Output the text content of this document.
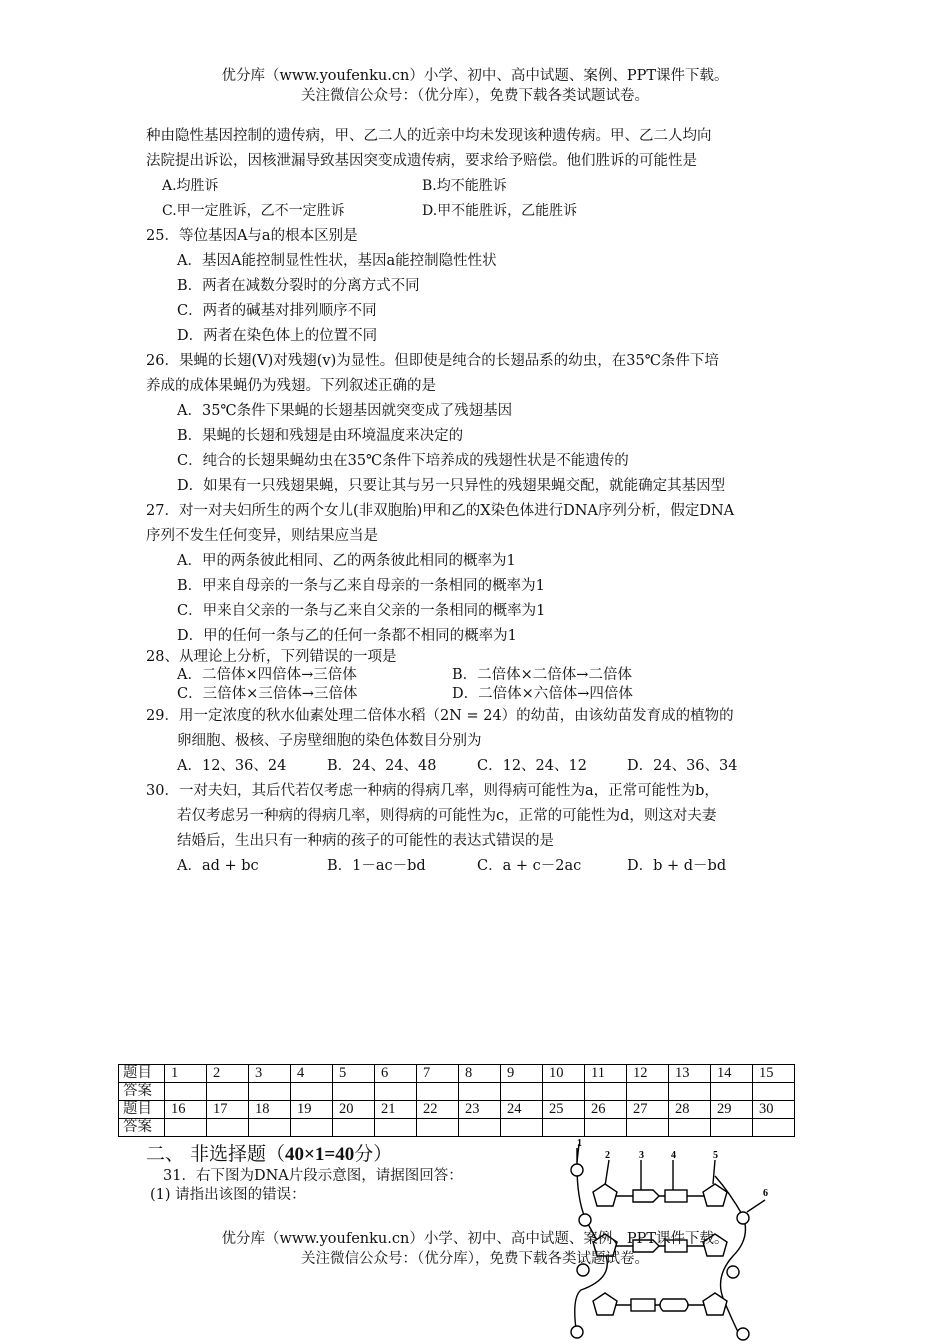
优分库（www.youfenku.cn）小学、初中、高中试题、案例、PPT课件下载。
关注微信公众号：（优分库），免费下载各类试题试卷。
种由隐性基因控制的遗传病，甲、乙二人的近亲中均未发现该种遗传病。甲、乙二人均向
法院提出诉讼，因核泄漏导致基因突变成遗传病，要求给予赔偿。他们胜诉的可能性是
A.均胜诉	B.均不能胜诉
C.甲一定胜诉，乙不一定胜诉	D.甲不能胜诉，乙能胜诉
25．等位基因A与a的根本区别是
A．基因A能控制显性性状，基因a能控制隐性性状
B．两者在减数分裂时的分离方式不同
C．两者的碱基对排列顺序不同
D．两者在染色体上的位置不同
26．果蝇的长翅(V)对残翅(v)为显性。但即使是纯合的长翅品系的幼虫，在35℃条件下培
养成的成体果蝇仍为残翅。下列叙述正确的是
A．35℃条件下果蝇的长翅基因就突变成了残翅基因
B．果蝇的长翅和残翅是由环境温度来决定的
C．纯合的长翅果蝇幼虫在35℃条件下培养成的残翅性状是不能遗传的
D．如果有一只残翅果蝇，只要让其与另一只异性的残翅果蝇交配，就能确定其基因型
27．对一对夫妇所生的两个女儿(非双胞胎)甲和乙的X染色体进行DNA序列分析，假定DNA
序列不发生任何变异，则结果应当是
A．甲的两条彼此相同、乙的两条彼此相同的概率为1
B．甲来自母亲的一条与乙来自母亲的一条相同的概率为1
C．甲来自父亲的一条与乙来自父亲的一条相同的概率为1
D．甲的任何一条与乙的任何一条都不相同的概率为1
28、从理论上分析，下列错误的一项是
A．二倍体×四倍体→三倍体	B．二倍体×二倍体→二倍体
C．三倍体×三倍体→三倍体	D．二倍体×六倍体→四倍体
29．用一定浓度的秋水仙素处理二倍体水稻（2N = 24）的幼苗，由该幼苗发育成的植物的
卵细胞、极核、子房壁细胞的染色体数目分别为
A．12、36、24	B．24、24、48	C．12、24、12	D．24、36、34
30．一对夫妇，其后代若仅考虑一种病的得病几率，则得病可能性为a，正常可能性为b，
若仅考虑另一种病的得病几率，则得病的可能性为c，正常的可能性为d，则这对夫妻
结婚后，生出只有一种病的孩子的可能性的表达式错误的是
A．ad + bc	B．1－ac－bd	C．a + c－2ac	D．b + d－bd
题目	1	2	3	4	5	6	7	8	9	10	11	12	13	14	15
答案															
题目	16	17	18	19	20	21	22	23	24	25	26	27	28	29	30
答案															
二、 非选择题（40×1=40分）
31．右下图为DNA片段示意图，请据图回答：
(1) 请指出该图的错误：
1
2	3	4	5
6
优分库（www.youfenku.cn）小学、初中、高中试题、案例、PPT课件下载。
关注微信公众号：（优分库），免费下载各类试题试卷。
